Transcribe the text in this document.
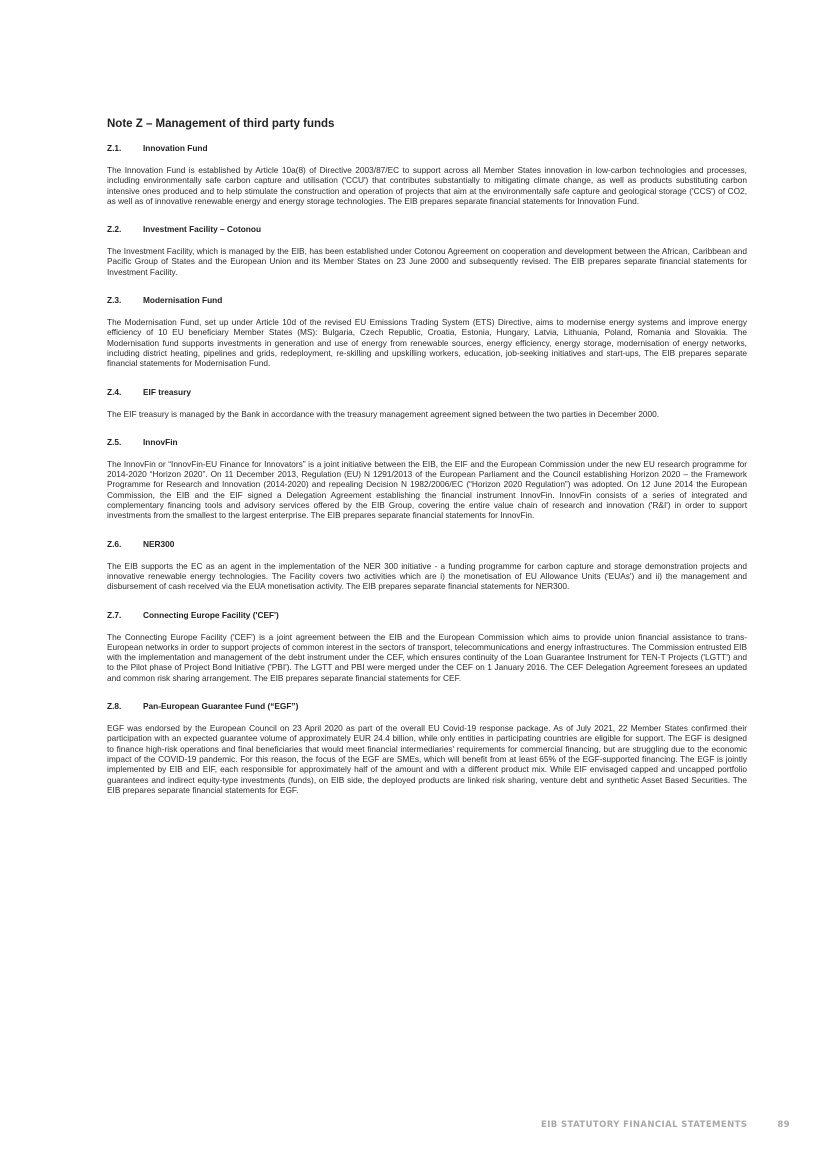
Note Z – Management of third party funds
Z.1.	Innovation Fund

The Innovation Fund is established by Article 10a(8) of Directive 2003/87/EC to support across all Member States innovation in low-carbon technologies and processes, including environmentally safe carbon capture and utilisation ('CCU') that contributes substantially to mitigating climate change, as well as products substituting carbon intensive ones produced and to help stimulate the construction and operation of projects that aim at the environmentally safe capture and geological storage ('CCS') of CO2, as well as of innovative renewable energy and energy storage technologies. The EIB prepares separate financial statements for Innovation Fund.

Z.2.	Investment Facility – Cotonou

The Investment Facility, which is managed by the EIB, has been established under Cotonou Agreement on cooperation and development between the African, Caribbean and Pacific Group of States and the European Union and its Member States on 23 June 2000 and subsequently revised. The EIB prepares separate financial statements for Investment Facility.

Z.3.	Modernisation Fund

The Modernisation Fund, set up under Article 10d of the revised EU Emissions Trading System (ETS) Directive, aims to modernise energy systems and improve energy efficiency of 10 EU beneficiary Member States (MS): Bulgaria, Czech Republic, Croatia, Estonia, Hungary, Latvia, Lithuania, Poland, Romania and Slovakia. The Modernisation fund supports investments in generation and use of energy from renewable sources, energy efficiency, energy storage, modernisation of energy networks, including district heating, pipelines and grids, redeployment, re-skilling and upskilling workers, education, job-seeking initiatives and start-ups, The EIB prepares separate financial statements for Modernisation Fund.

Z.4.	EIF treasury

The EIF treasury is managed by the Bank in accordance with the treasury management agreement signed between the two parties in December 2000.

Z.5.	InnovFin

The InnovFin or “InnovFin-EU Finance for Innovators” is a joint initiative between the EIB, the EIF and the European Commission under the new EU research programme for 2014-2020 “Horizon 2020”. On 11 December 2013, Regulation (EU) N 1291/2013 of the European Parliament and the Council establishing Horizon 2020 – the Framework Programme for Research and Innovation (2014-2020) and repealing Decision N 1982/2006/EC (“Horizon 2020 Regulation”) was adopted. On 12 June 2014 the European Commission, the EIB and the EIF signed a Delegation Agreement establishing the financial instrument InnovFin. InnovFin consists of a series of integrated and complementary financing tools and advisory services offered by the EIB Group, covering the entire value chain of research and innovation ('R&I') in order to support investments from the smallest to the largest enterprise. The EIB prepares separate financial statements for InnovFin.

Z.6.	NER300

The EIB supports the EC as an agent in the implementation of the NER 300 initiative - a funding programme for carbon capture and storage demonstration projects and innovative renewable energy technologies. The Facility covers two activities which are i) the monetisation of EU Allowance Units ('EUAs') and ii) the management and disbursement of cash received via the EUA monetisation activity. The EIB prepares separate financial statements for NER300.

Z.7.	Connecting Europe Facility ('CEF')

The Connecting Europe Facility ('CEF') is a joint agreement between the EIB and the European Commission which aims to provide union financial assistance to trans-European networks in order to support projects of common interest in the sectors of transport, telecommunications and energy infrastructures. The Commission entrusted EIB with the implementation and management of the debt instrument under the CEF, which ensures continuity of the Loan Guarantee Instrument for TEN-T Projects ('LGTT') and to the Pilot phase of Project Bond Initiative ('PBI'). The LGTT and PBI were merged under the CEF on 1 January 2016. The CEF Delegation Agreement foresees an updated and common risk sharing arrangement. The EIB prepares separate financial statements for CEF.

Z.8.	Pan-European Guarantee Fund (“EGF”)

EGF was endorsed by the European Council on 23 April 2020 as part of the overall EU Covid-19 response package. As of July 2021, 22 Member States confirmed their participation with an expected guarantee volume of approximately EUR 24.4 billion, while only entities in participating countries are eligible for support. The EGF is designed to finance high-risk operations and final beneficiaries that would meet financial intermediaries' requirements for commercial financing, but are struggling due to the economic impact of the COVID-19 pandemic. For this reason, the focus of the EGF are SMEs, which will benefit from at least 65% of the EGF-supported financing. The EGF is jointly implemented by EIB and EIF, each responsible for approximately half of the amount and with a different product mix. While EIF envisaged capped and uncapped portfolio guarantees and indirect equity-type investments (funds), on EIB side, the deployed products are linked risk sharing, venture debt and synthetic Asset Based Securities. The EIB prepares separate financial statements for EGF.

EIB STATUTORY FINANCIAL STATEMENTS	89
